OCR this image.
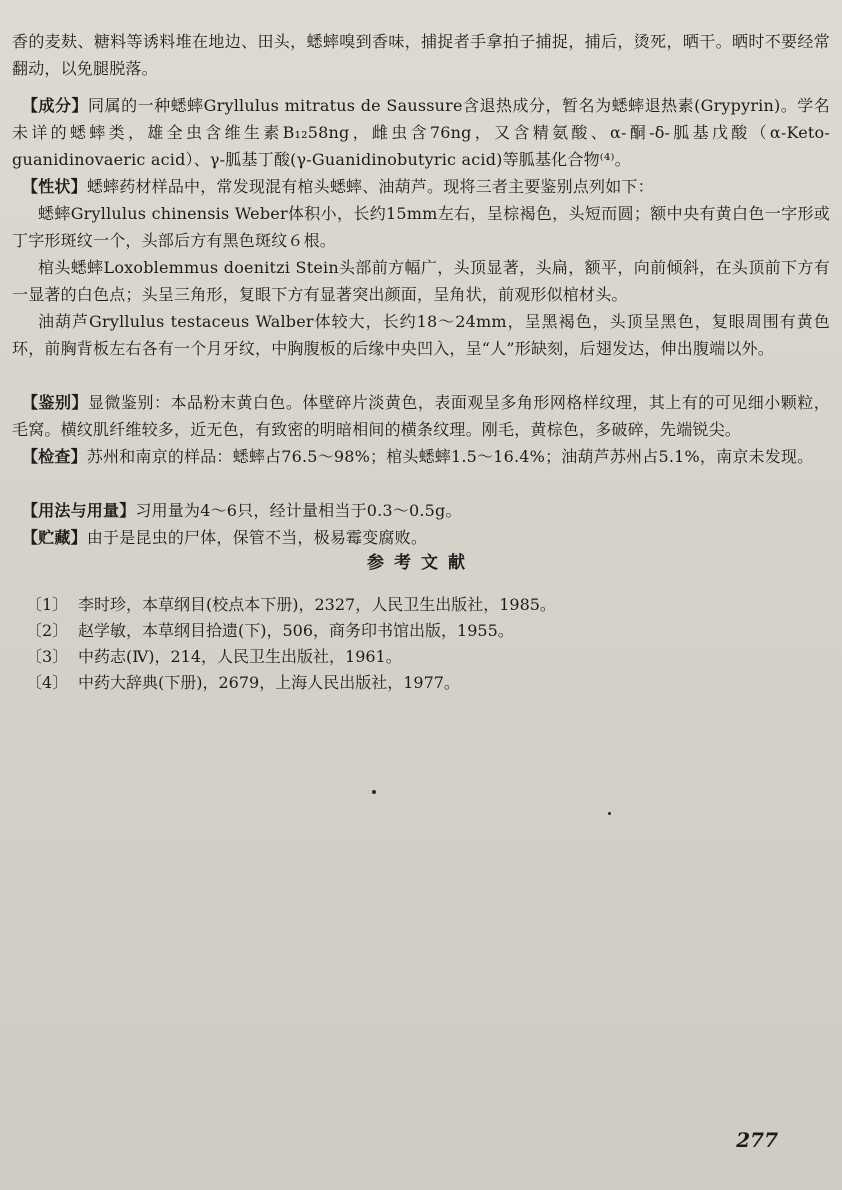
香的麦麸、糖料等诱料堆在地边、田头，蟋蟀嗅到香味，捕捉者手拿拍子捕捉，捕后，烫死，晒干。晒时不要经常翻动，以免腿脱落。

【成分】同属的一种蟋蟀Gryllulus mitratus de Saussure含退热成分，暂名为蟋蟀退热素(Grypyrin)。学名未详的蟋蟀类，雄全虫含维生素B₁₂58ng，雌虫含76ng，又含精氨酸、α-酮-δ-胍基戊酸（α-Keto-guanidinovaeric acid）、γ-胍基丁酸(γ-Guanidinobutyric acid)等胍基化合物⁽⁴⁾。

【性状】蟋蟀药材样品中，常发现混有棺头蟋蟀、油葫芦。现将三者主要鉴别点列如下：

蟋蟀Gryllulus chinensis Weber体积小，长约15mm左右，呈棕褐色，头短而圆；额中央有黄白色一字形或丁字形斑纹一个，头部后方有黑色斑纹６根。

棺头蟋蟀Loxoblemmus doenitzi Stein头部前方幅广，头顶显著，头扁，额平，向前倾斜，在头顶前下方有一显著的白色点；头呈三角形，复眼下方有显著突出颜面，呈角状，前观形似棺材头。

油葫芦Gryllulus testaceus Walber体较大，长约18～24mm，呈黑褐色，头顶呈黑色，复眼周围有黄色环，前胸背板左右各有一个月牙纹，中胸腹板的后缘中央凹入，呈“人”形缺刻，后翅发达，伸出腹端以外。

【鉴别】显微鉴别：本品粉末黄白色。体壁碎片淡黄色，表面观呈多角形网格样纹理，其上有的可见细小颗粒，毛窝。横纹肌纤维较多，近无色，有致密的明暗相间的横条纹理。刚毛，黄棕色，多破碎，先端锐尖。

【检查】苏州和南京的样品：蟋蟀占76.5～98%；棺头蟋蟀1.5～16.4%；油葫芦苏州占5.1%，南京未发现。

【用法与用量】习用量为4～6只，经计量相当于0.3～0.5g。

【贮藏】由于是昆虫的尸体，保管不当，极易霉变腐败。

参考文献
〔1〕 李时珍，本草纲目(校点本下册)，2327，人民卫生出版社，1985。
〔2〕 赵学敏，本草纲目拾遗(下)，506，商务印书馆出版，1955。
〔3〕 中药志(Ⅳ)，214，人民卫生出版社，1961。
〔4〕 中药大辞典(下册)，2679，上海人民出版社，1977。
277
